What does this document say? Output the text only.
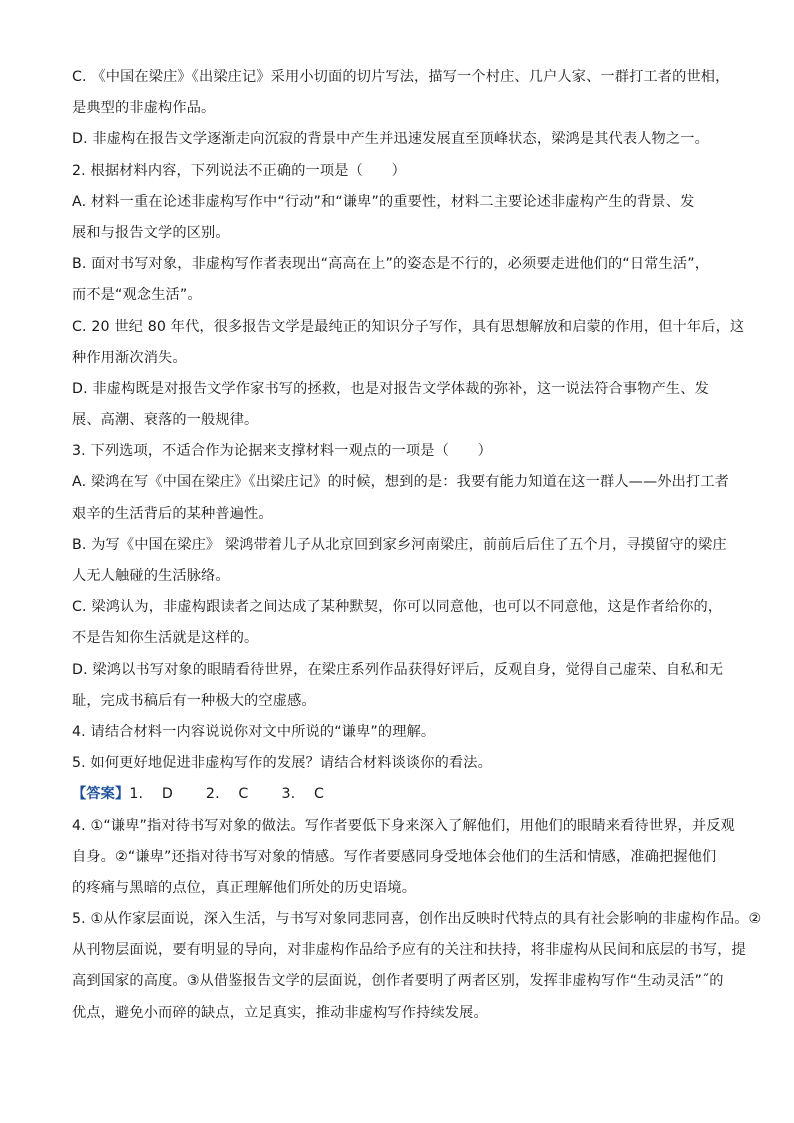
C. 《中国在梁庄》《出梁庄记》采用小切面的切片写法，描写一个村庄、几户人家、一群打工者的世相，
是典型的非虚构作品。
D. 非虚构在报告文学逐渐走向沉寂的背景中产生并迅速发展直至顶峰状态，梁鸿是其代表人物之一。
2. 根据材料内容，下列说法不正确的一项是（　　）
A. 材料一重在论述非虚构写作中“行动”和“谦卑”的重要性，材料二主要论述非虚构产生的背景、发
展和与报告文学的区别。
B. 面对书写对象，非虚构写作者表现出“高高在上”的姿态是不行的，必须要走进他们的“日常生活”，
而不是“观念生活”。
C. 20 世纪 80 年代，很多报告文学是最纯正的知识分子写作，具有思想解放和启蒙的作用，但十年后，这
种作用渐次消失。
D. 非虚构既是对报告文学作家书写的拯救，也是对报告文学体裁的弥补，这一说法符合事物产生、发
展、高潮、衰落的一般规律。
3. 下列选项，不适合作为论据来支撑材料一观点的一项是（　　）
A. 梁鸿在写《中国在梁庄》《出梁庄记》的时候，想到的是：我要有能力知道在这一群人——外出打工者
艰辛的生活背后的某种普遍性。
B. 为写《中国在梁庄》 梁鸿带着儿子从北京回到家乡河南梁庄，前前后后住了五个月，寻摸留守的梁庄
人无人触碰的生活脉络。
C. 梁鸿认为，非虚构跟读者之间达成了某种默契，你可以同意他，也可以不同意他，这是作者给你的，
不是告知你生活就是这样的。
D. 梁鸿以书写对象的眼睛看待世界，在梁庄系列作品获得好评后，反观自身，觉得自己虚荣、自私和无
耻，完成书稿后有一种极大的空虚感。
4. 请结合材料一内容说说你对文中所说的“谦卑”的理解。
5. 如何更好地促进非虚构写作的发展？请结合材料谈谈你的看法。
【答案】1. D　 2. C　 3. C
4. ①“谦卑”指对待书写对象的做法。写作者要低下身来深入了解他们，用他们的眼睛来看待世界，并反观
自身。②“谦卑”还指对待书写对象的情感。写作者要感同身受地体会他们的生活和情感，准确把握他们
的疼痛与黑暗的点位，真正理解他们所处的历史语境。
5. ①从作家层面说，深入生活，与书写对象同悲同喜，创作出反映时代特点的具有社会影响的非虚构作品。②
从刊物层面说，要有明显的导向，对非虚构作品给予应有的关注和扶持，将非虚构从民间和底层的书写，提
高到国家的高度。③从借鉴报告文学的层面说，创作者要明了两者区别，发挥非虚构写作“生动灵活”˝的
优点，避免小而碎的缺点，立足真实，推动非虚构写作持续发展。
